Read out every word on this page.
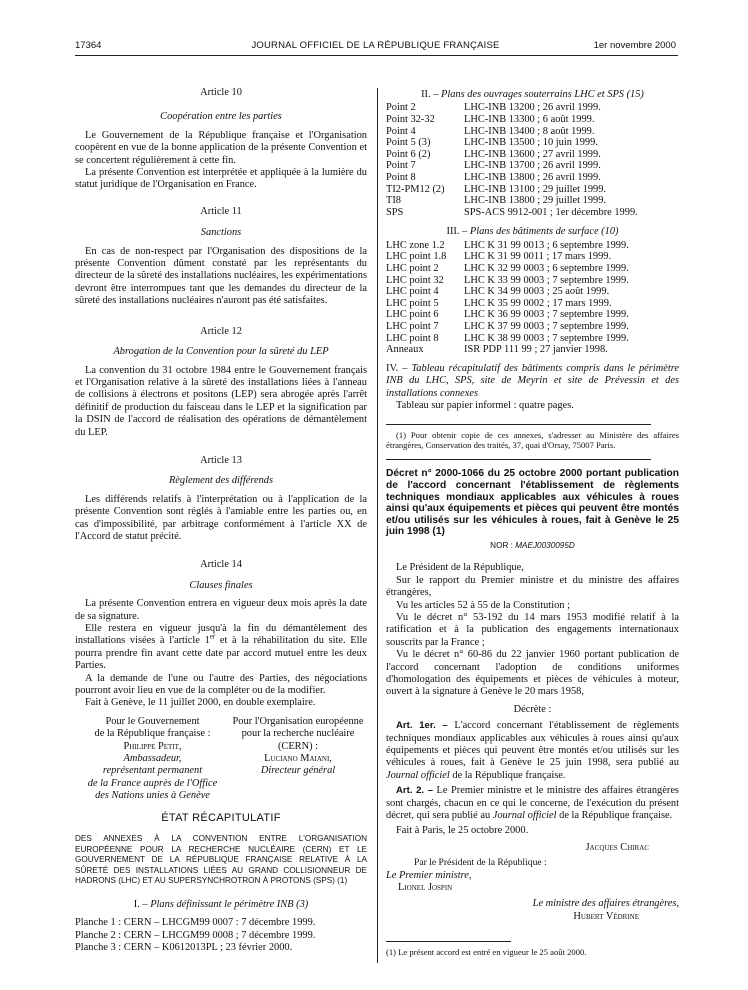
17364	JOURNAL OFFICIEL DE LA RÉPUBLIQUE FRANÇAISE	1er novembre 2000

Article 10

Coopération entre les parties

Le Gouvernement de la République française et l'Organisation coopèrent en vue de la bonne application de la présente Convention et se concertent régulièrement à cette fin.

La présente Convention est interprétée et appliquée à la lumière du statut juridique de l'Organisation en France.

Article 11

Sanctions

En cas de non-respect par l'Organisation des dispositions de la présente Convention dûment constaté par les représentants du directeur de la sûreté des installations nucléaires, les expérimentations devront être interrompues tant que les demandes du directeur de la sûreté des installations nucléaires n'auront pas été satisfaites.

Article 12

Abrogation de la Convention pour la sûreté du LEP

La convention du 31 octobre 1984 entre le Gouvernement français et l'Organisation relative à la sûreté des installations liées à l'anneau de collisions à électrons et positons (LEP) sera abrogée après l'arrêt définitif de production du faisceau dans le LEP et la signification par la DSIN de l'accord de réalisation des opérations de démantèlement du LEP.

Article 13

Règlement des différends

Les différends relatifs à l'interprétation ou à l'application de la présente Convention sont réglés à l'amiable entre les parties ou, en cas d'impossibilité, par arbitrage conformément à l'article XX de l'Accord de statut précité.

Article 14

Clauses finales

La présente Convention entrera en vigueur deux mois après la date de sa signature.

Elle restera en vigueur jusqu'à la fin du démantèlement des installations visées à l'article 1er et à la réhabilitation du site. Elle pourra prendre fin avant cette date par accord mutuel entre les deux Parties.

A la demande de l'une ou l'autre des Parties, des négociations pourront avoir lieu en vue de la compléter ou de la modifier.

Fait à Genève, le 11 juillet 2000, en double exemplaire.

Pour le Gouvernement
de la République française :
Philippe Petit,
Ambassadeur,
représentant permanent
de la France auprès de l'Office
des Nations unies à Genève
Pour l'Organisation européenne
pour la recherche nucléaire
(CERN) :
Luciano Maiani,
Directeur général

ÉTAT RÉCAPITULATIF

DES ANNEXES À LA CONVENTION ENTRE L'ORGANISATION EUROPÉENNE POUR LA RECHERCHE NUCLÉAIRE (CERN) ET LE GOUVERNEMENT DE LA RÉPUBLIQUE FRANÇAISE RELATIVE À LA SÛRETÉ DES INSTALLATIONS LIÉES AU GRAND COLLISIONNEUR DE HADRONS (LHC) ET AU SUPERSYNCHROTRON À PROTONS (SPS) (1)

I. – Plans définissant le périmètre INB (3)

Planche 1 : CERN – LHCGM99 0007 : 7 décembre 1999.
Planche 2 : CERN – LHCGM99 0008 ; 7 décembre 1999.
Planche 3 : CERN – K0612013PL ; 23 février 2000.

II. – Plans des ouvrages souterrains LHC et SPS (15)

Point 2	LHC-INB 13200 ; 26 avril 1999.
Point 32-32	LHC-INB 13300 ; 6 août 1999.
Point 4	LHC-INB 13400 ; 8 août 1999.
Point 5 (3)	LHC-INB 13500 ; 10 juin 1999.
Point 6 (2)	LHC-INB 13600 ; 27 avril 1999.
Point 7	LHC-INB 13700 ; 26 avril 1999.
Point 8	LHC-INB 13800 ; 26 avril 1999.
TI2-PM12 (2)	LHC-INB 13100 ; 29 juillet 1999.
TI8	LHC-INB 13800 ; 29 juillet 1999.
SPS	SPS-ACS 9912-001 ; 1er décembre 1999.

III. – Plans des bâtiments de surface (10)

LHC zone 1.2	LHC K 31 99 0013 ; 6 septembre 1999.
LHC point 1.8	LHC K 31 99 0011 ; 17 mars 1999.
LHC point 2	LHC K 32 99 0003 ; 6 septembre 1999.
LHC point 32	LHC K 33 99 0003 ; 7 septembre 1999.
LHC point 4	LHC K 34 99 0003 ; 25 août 1999.
LHC point 5	LHC K 35 99 0002 ; 17 mars 1999.
LHC point 6	LHC K 36 99 0003 ; 7 septembre 1999.
LHC point 7	LHC K 37 99 0003 ; 7 septembre 1999.
LHC point 8	LHC K 38 99 0003 ; 7 septembre 1999.
Anneaux	ISR PDP 111 99 ; 27 janvier 1998.

IV. – Tableau récapitulatif des bâtiments compris dans le périmètre INB du LHC, SPS, site de Meyrin et site de Prévessin et des installations connexes

Tableau sur papier informel : quatre pages.

(1) Pour obtenir copie de ces annexes, s'adresser au Ministère des affaires étrangères, Conservation des traités, 37, quai d'Orsay, 75007 Paris.

Décret n° 2000-1066 du 25 octobre 2000 portant publication de l'accord concernant l'établissement de règlements techniques mondiaux applicables aux véhicules à roues ainsi qu'aux équipements et pièces qui peuvent être montés et/ou utilisés sur les véhicules à roues, fait à Genève le 25 juin 1998 (1)

NOR : MAEJ0030095D

Le Président de la République,

Sur le rapport du Premier ministre et du ministre des affaires étrangères,

Vu les articles 52 à 55 de la Constitution ;

Vu le décret n° 53-192 du 14 mars 1953 modifié relatif à la ratification et à la publication des engagements internationaux souscrits par la France ;

Vu le décret n° 60-86 du 22 janvier 1960 portant publication de l'accord concernant l'adoption de conditions uniformes d'homologation des équipements et pièces de véhicules à moteur, ouvert à la signature à Genève le 20 mars 1958,

Décrète :

Art. 1er. – L'accord concernant l'établissement de règlements techniques mondiaux applicables aux véhicules à roues ainsi qu'aux équipements et pièces qui peuvent être montés et/ou utilisés sur les véhicules à roues, fait à Genève le 25 juin 1998, sera publié au Journal officiel de la République française.

Art. 2. – Le Premier ministre et le ministre des affaires étrangères sont chargés, chacun en ce qui le concerne, de l'exécution du présent décret, qui sera publié au Journal officiel de la République française.

Fait à Paris, le 25 octobre 2000.

Jacques Chirac

Par le Président de la République :

Le Premier ministre,

Lionel Jospin

Le ministre des affaires étrangères,

Hubert Védrine

(1) Le présent accord est entré en vigueur le 25 août 2000.
